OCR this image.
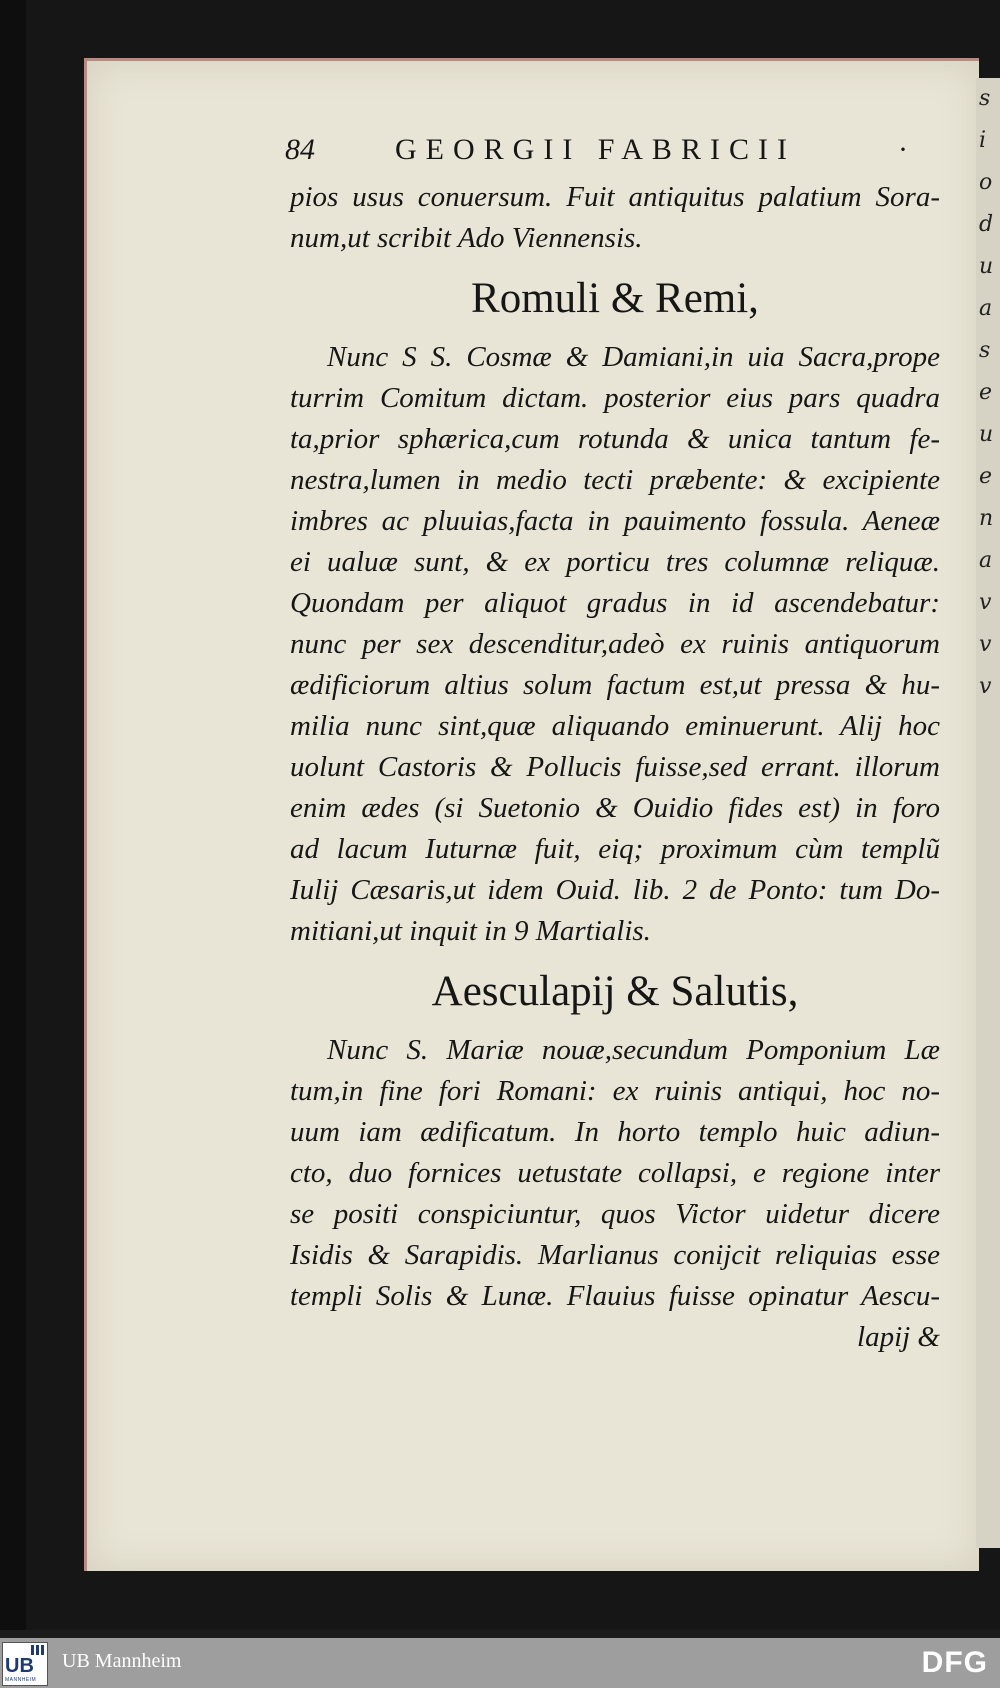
s
i
o
d
u
a
s
e
u
e
n
a
v
v
v
84	GEORGII FABRICII	·
pios usus conuersum. Fuit antiquitus palatium Sora-
num,ut scribit Ado Viennensis.
Romuli & Remi,
Nunc S S. Cosmæ & Damiani,in uia Sacra,prope
turrim Comitum dictam. posterior eius pars quadra
ta,prior sphærica,cum rotunda & unica tantum fe-
nestra,lumen in medio tecti præbente: & excipiente
imbres ac pluuias,facta in pauimento fossula. Aeneæ
ei ualuæ sunt, & ex porticu tres columnæ reliquæ.
Quondam per aliquot gradus in id ascendebatur:
nunc per sex descenditur,adeò ex ruinis antiquorum
ædificiorum altius solum factum est,ut pressa & hu-
milia nunc sint,quæ aliquando eminuerunt. Alij hoc
uolunt Castoris & Pollucis fuisse,sed errant. illorum
enim ædes (si Suetonio & Ouidio fides est) in foro
ad lacum Iuturnæ fuit, eiq; proximum cùm templũ
Iulij Cæsaris,ut idem Ouid. lib. 2 de Ponto: tum Do-
mitiani,ut inquit in 9 Martialis.
Aesculapij & Salutis,
Nunc S. Mariæ nouæ,secundum Pomponium Læ
tum,in fine fori Romani: ex ruinis antiqui, hoc no-
uum iam ædificatum. In horto templo huic adiun-
cto, duo fornices uetustate collapsi, e regione inter
se positi conspiciuntur, quos Victor uidetur dicere
Isidis & Sarapidis. Marlianus conijcit reliquias esse
templi Solis & Lunæ. Flauius fuisse opinatur Aescu-
lapij &
UB
MANNHEIM
UB Mannheim	DFG
